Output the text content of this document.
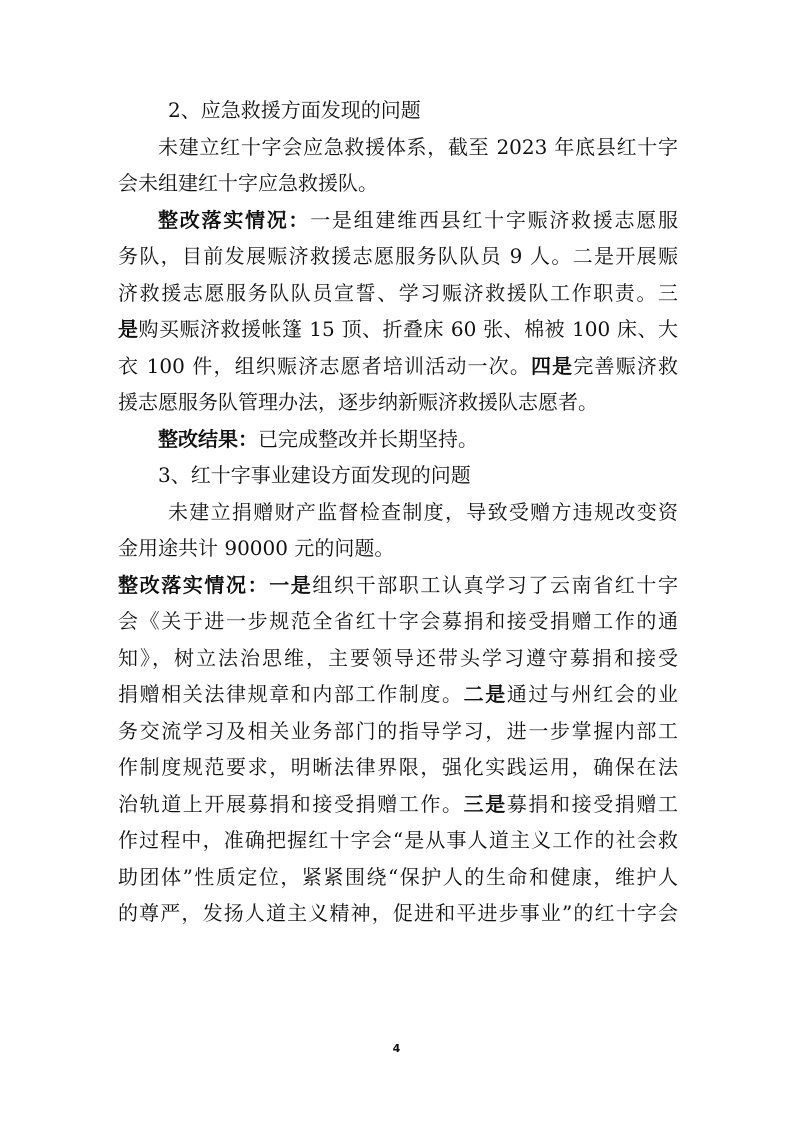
2、应急救援方面发现的问题
未建立红十字会应急救援体系，截至 2023 年底县红十字
会未组建红十字应急救援队。
整改落实情况：一是组建维西县红十字赈济救援志愿服
务队，目前发展赈济救援志愿服务队队员 9 人。二是开展赈
济救援志愿服务队队员宣誓、学习赈济救援队工作职责。三
是购买赈济救援帐篷 15 顶、折叠床 60 张、棉被 100 床、大
衣 100 件，组织赈济志愿者培训活动一次。四是完善赈济救
援志愿服务队管理办法，逐步纳新赈济救援队志愿者。
整改结果：已完成整改并长期坚持。
3、红十字事业建设方面发现的问题
未建立捐赠财产监督检查制度，导致受赠方违规改变资
金用途共计 90000 元的问题。
整改落实情况：一是组织干部职工认真学习了云南省红十字
会《关于进一步规范全省红十字会募捐和接受捐赠工作的通
知》，树立法治思维，主要领导还带头学习遵守募捐和接受
捐赠相关法律规章和内部工作制度。二是通过与州红会的业
务交流学习及相关业务部门的指导学习，进一步掌握内部工
作制度规范要求，明晰法律界限，强化实践运用，确保在法
治轨道上开展募捐和接受捐赠工作。三是募捐和接受捐赠工
作过程中，准确把握红十字会“是从事人道主义工作的社会救
助团体”性质定位，紧紧围绕“保护人的生命和健康，维护人
的尊严，发扬人道主义精神，促进和平进步事业”的红十字会
4
